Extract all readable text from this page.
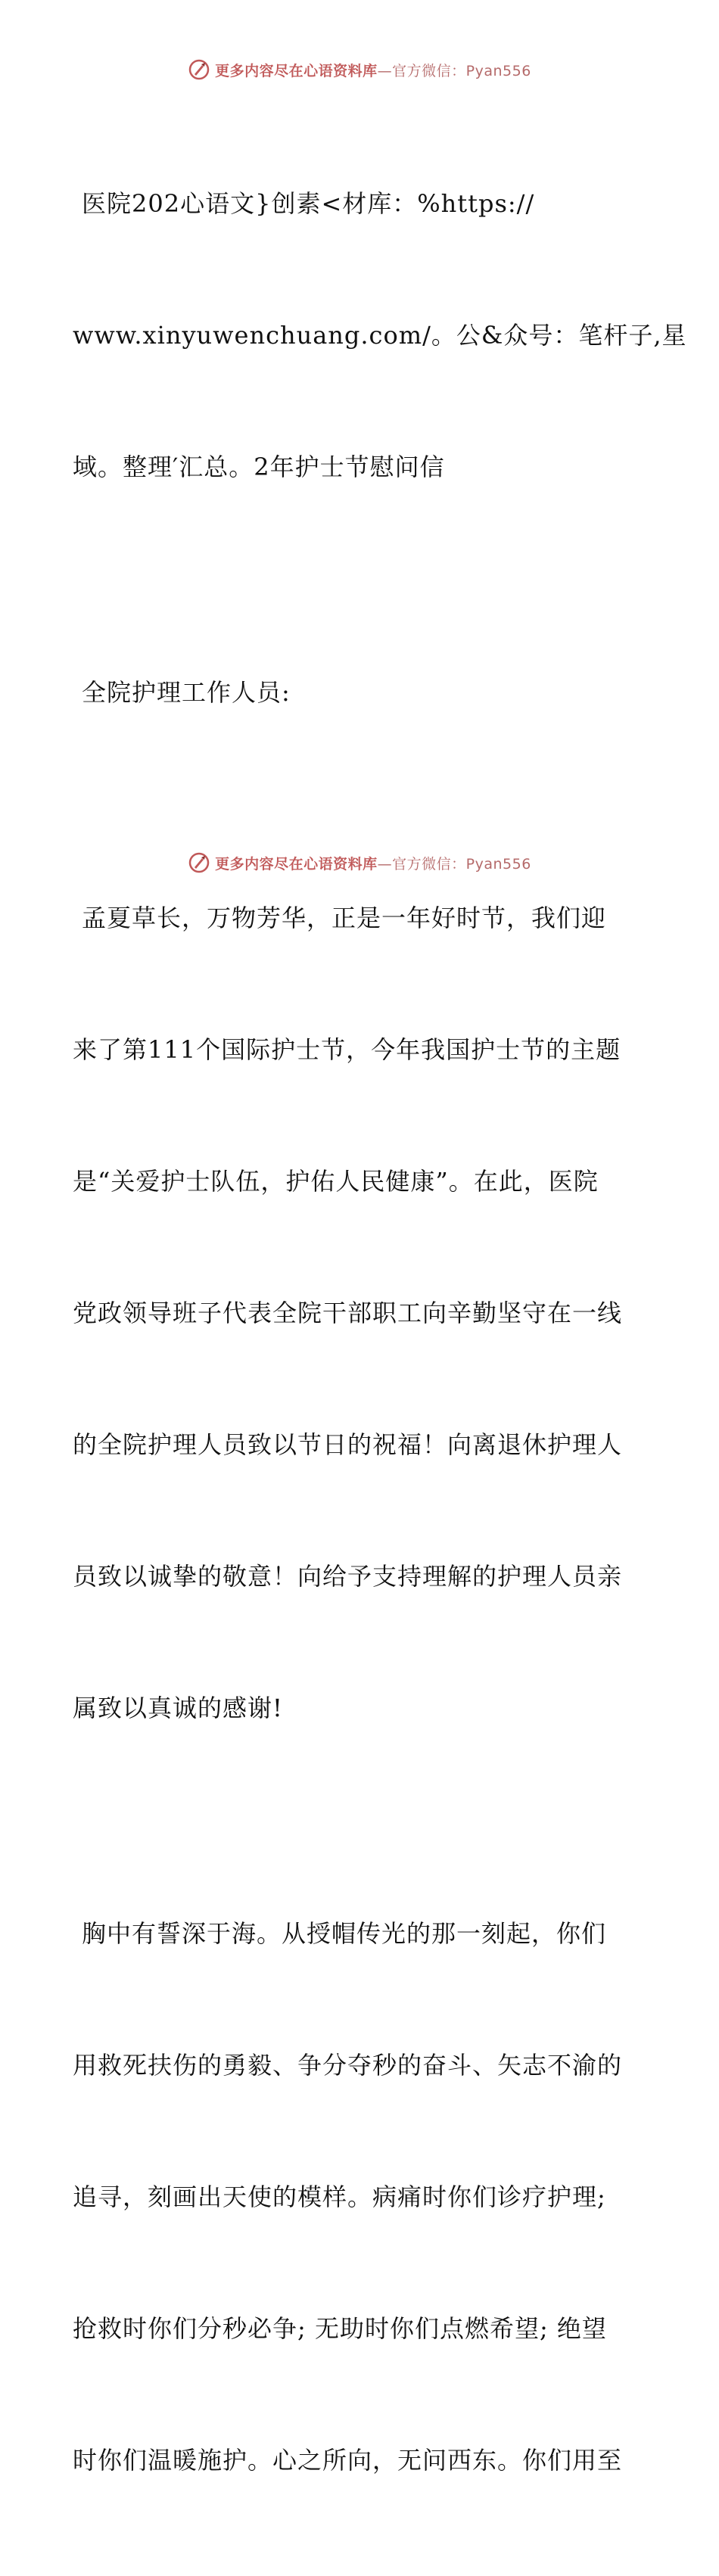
更多内容尽在心语资料库—官方微信：Pyan556

医院202心语文}创素<材库：%https://

www.xinyuwenchuang.com/。公&众号：笔杆子,星

域。整理′汇总。2年护士节慰问信

全院护理工作人员:

孟夏草长，万物芳华，正是一年好时节，我们迎

来了第111个国际护士节，今年我国护士节的主题

是“关爱护士队伍，护佑人民健康”。在此，医院

党政领导班子代表全院干部职工向辛勤坚守在一线

的全院护理人员致以节日的祝福！向离退休护理人

员致以诚挚的敬意！向给予支持理解的护理人员亲

属致以真诚的感谢!

胸中有誓深于海。从授帽传光的那一刻起，你们

用救死扶伤的勇毅、争分夺秒的奋斗、矢志不渝的

追寻，刻画出天使的模样。病痛时你们诊疗护理;

抢救时你们分秒必争; 无助时你们点燃希望; 绝望

时你们温暖施护。心之所向，无问西东。你们用至

更多内容尽在心语资料库—官方微信：Pyan556
